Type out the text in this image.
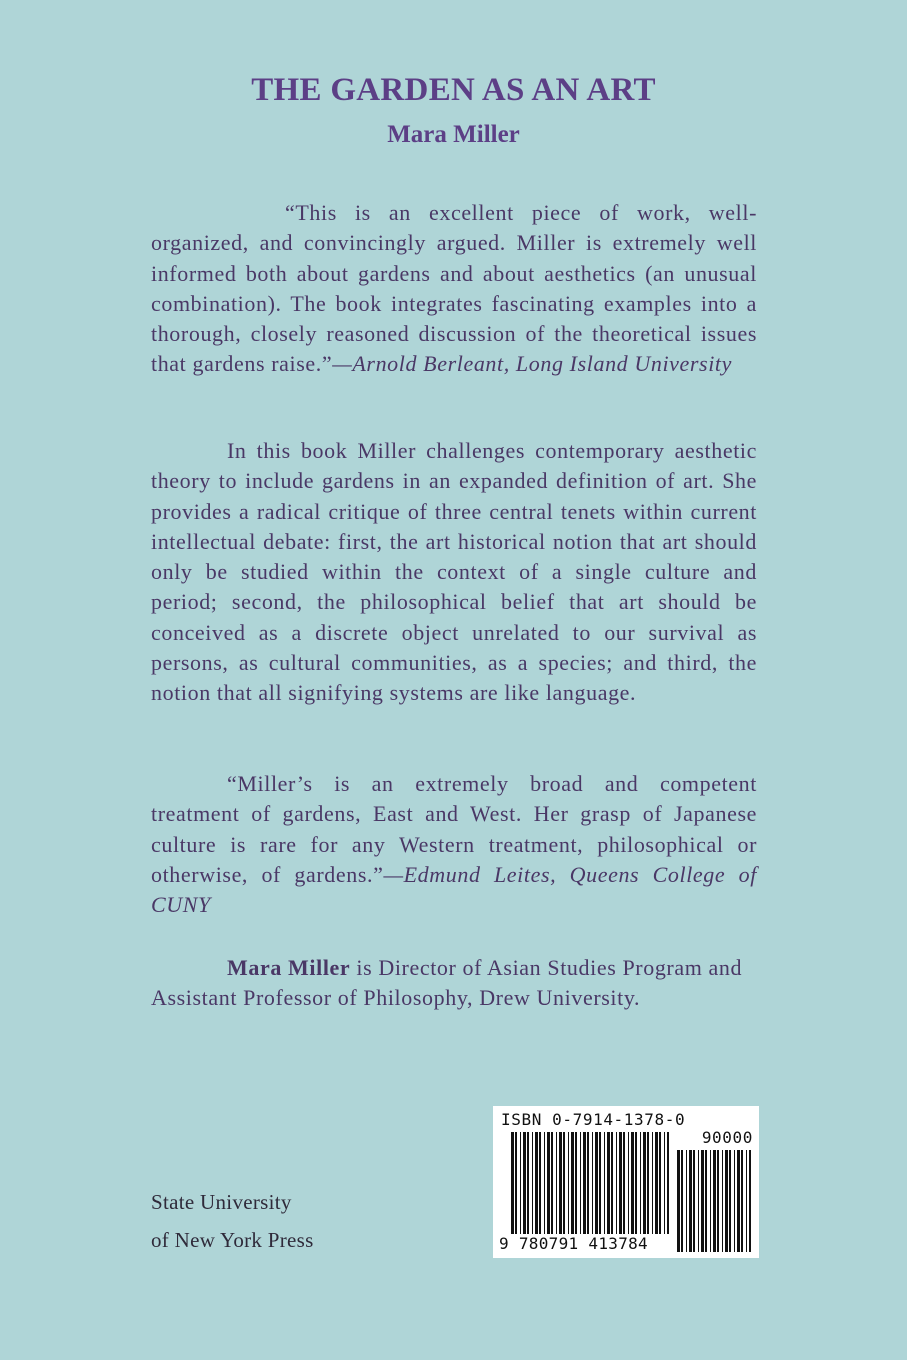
THE GARDEN AS AN ART
Mara Miller

“This is an excellent piece of work, well-organized, and convincingly argued. Miller is extremely well informed both about gardens and about aesthetics (an unusual combination). The book integrates fascinating examples into a thorough, closely reasoned discussion of the theoretical issues that gardens raise.”—Arnold Berleant, Long Island University

In this book Miller challenges contemporary aesthetic theory to include gardens in an expanded definition of art. She provides a radical critique of three central tenets within current intellectual debate: first, the art historical notion that art should only be studied within the context of a single culture and period; second, the philosophical belief that art should be conceived as a discrete object unrelated to our survival as persons, as cultural communities, as a species; and third, the notion that all signifying systems are like language.

“Miller’s is an extremely broad and competent treatment of gardens, East and West. Her grasp of Japanese culture is rare for any Western treatment, philosophical or otherwise, of gardens.”—Edmund Leites, Queens College of CUNY

Mara Miller is Director of Asian Studies Program and Assistant Professor of Philosophy, Drew University.

State University
of New York Press
ISBN 0-7914-1378-0
90000
9 780791 413784
